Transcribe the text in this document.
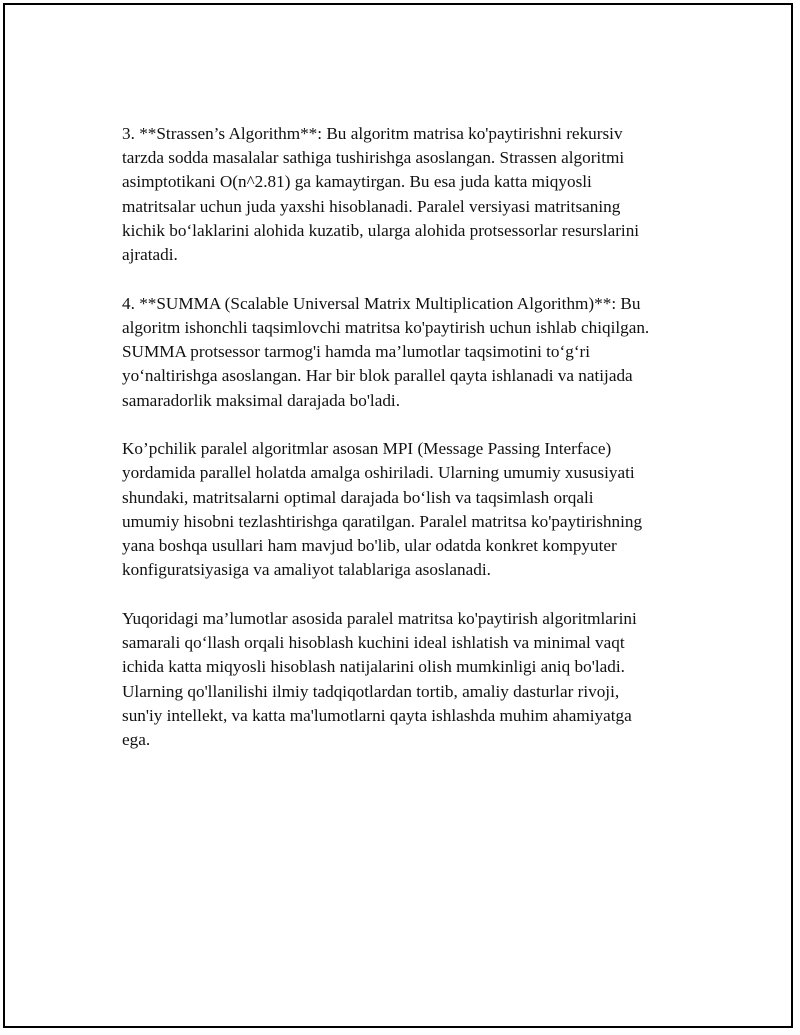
3. **Strassen’s Algorithm**: Bu algoritm matrisa ko'paytirishni rekursiv
tarzda sodda masalalar sathiga tushirishga asoslangan. Strassen algoritmi
asimptotikani O(n^2.81) ga kamaytirgan. Bu esa juda katta miqyosli
matritsalar uchun juda yaxshi hisoblanadi. Paralel versiyasi matritsaning
kichik bo‘laklarini alohida kuzatib, ularga alohida protsessorlar resurslarini
ajratadi.

4. **SUMMA (Scalable Universal Matrix Multiplication Algorithm)**: Bu
algoritm ishonchli taqsimlovchi matritsa ko'paytirish uchun ishlab chiqilgan.
SUMMA protsessor tarmog'i hamda ma’lumotlar taqsimotini to‘g‘ri
yo‘naltirishga asoslangan. Har bir blok parallel qayta ishlanadi va natijada
samaradorlik maksimal darajada bo'ladi.

Ko’pchilik paralel algoritmlar asosan MPI (Message Passing Interface)
yordamida parallel holatda amalga oshiriladi. Ularning umumiy xususiyati
shundaki, matritsalarni optimal darajada bo‘lish va taqsimlash orqali
umumiy hisobni tezlashtirishga qaratilgan. Paralel matritsa ko'paytirishning
yana boshqa usullari ham mavjud bo'lib, ular odatda konkret kompyuter
konfiguratsiyasiga va amaliyot talablariga asoslanadi.

Yuqoridagi ma’lumotlar asosida paralel matritsa ko'paytirish algoritmlarini
samarali qo‘llash orqali hisoblash kuchini ideal ishlatish va minimal vaqt
ichida katta miqyosli hisoblash natijalarini olish mumkinligi aniq bo'ladi.
Ularning qo'llanilishi ilmiy tadqiqotlardan tortib, amaliy dasturlar rivoji,
sun'iy intellekt, va katta ma'lumotlarni qayta ishlashda muhim ahamiyatga
ega.
